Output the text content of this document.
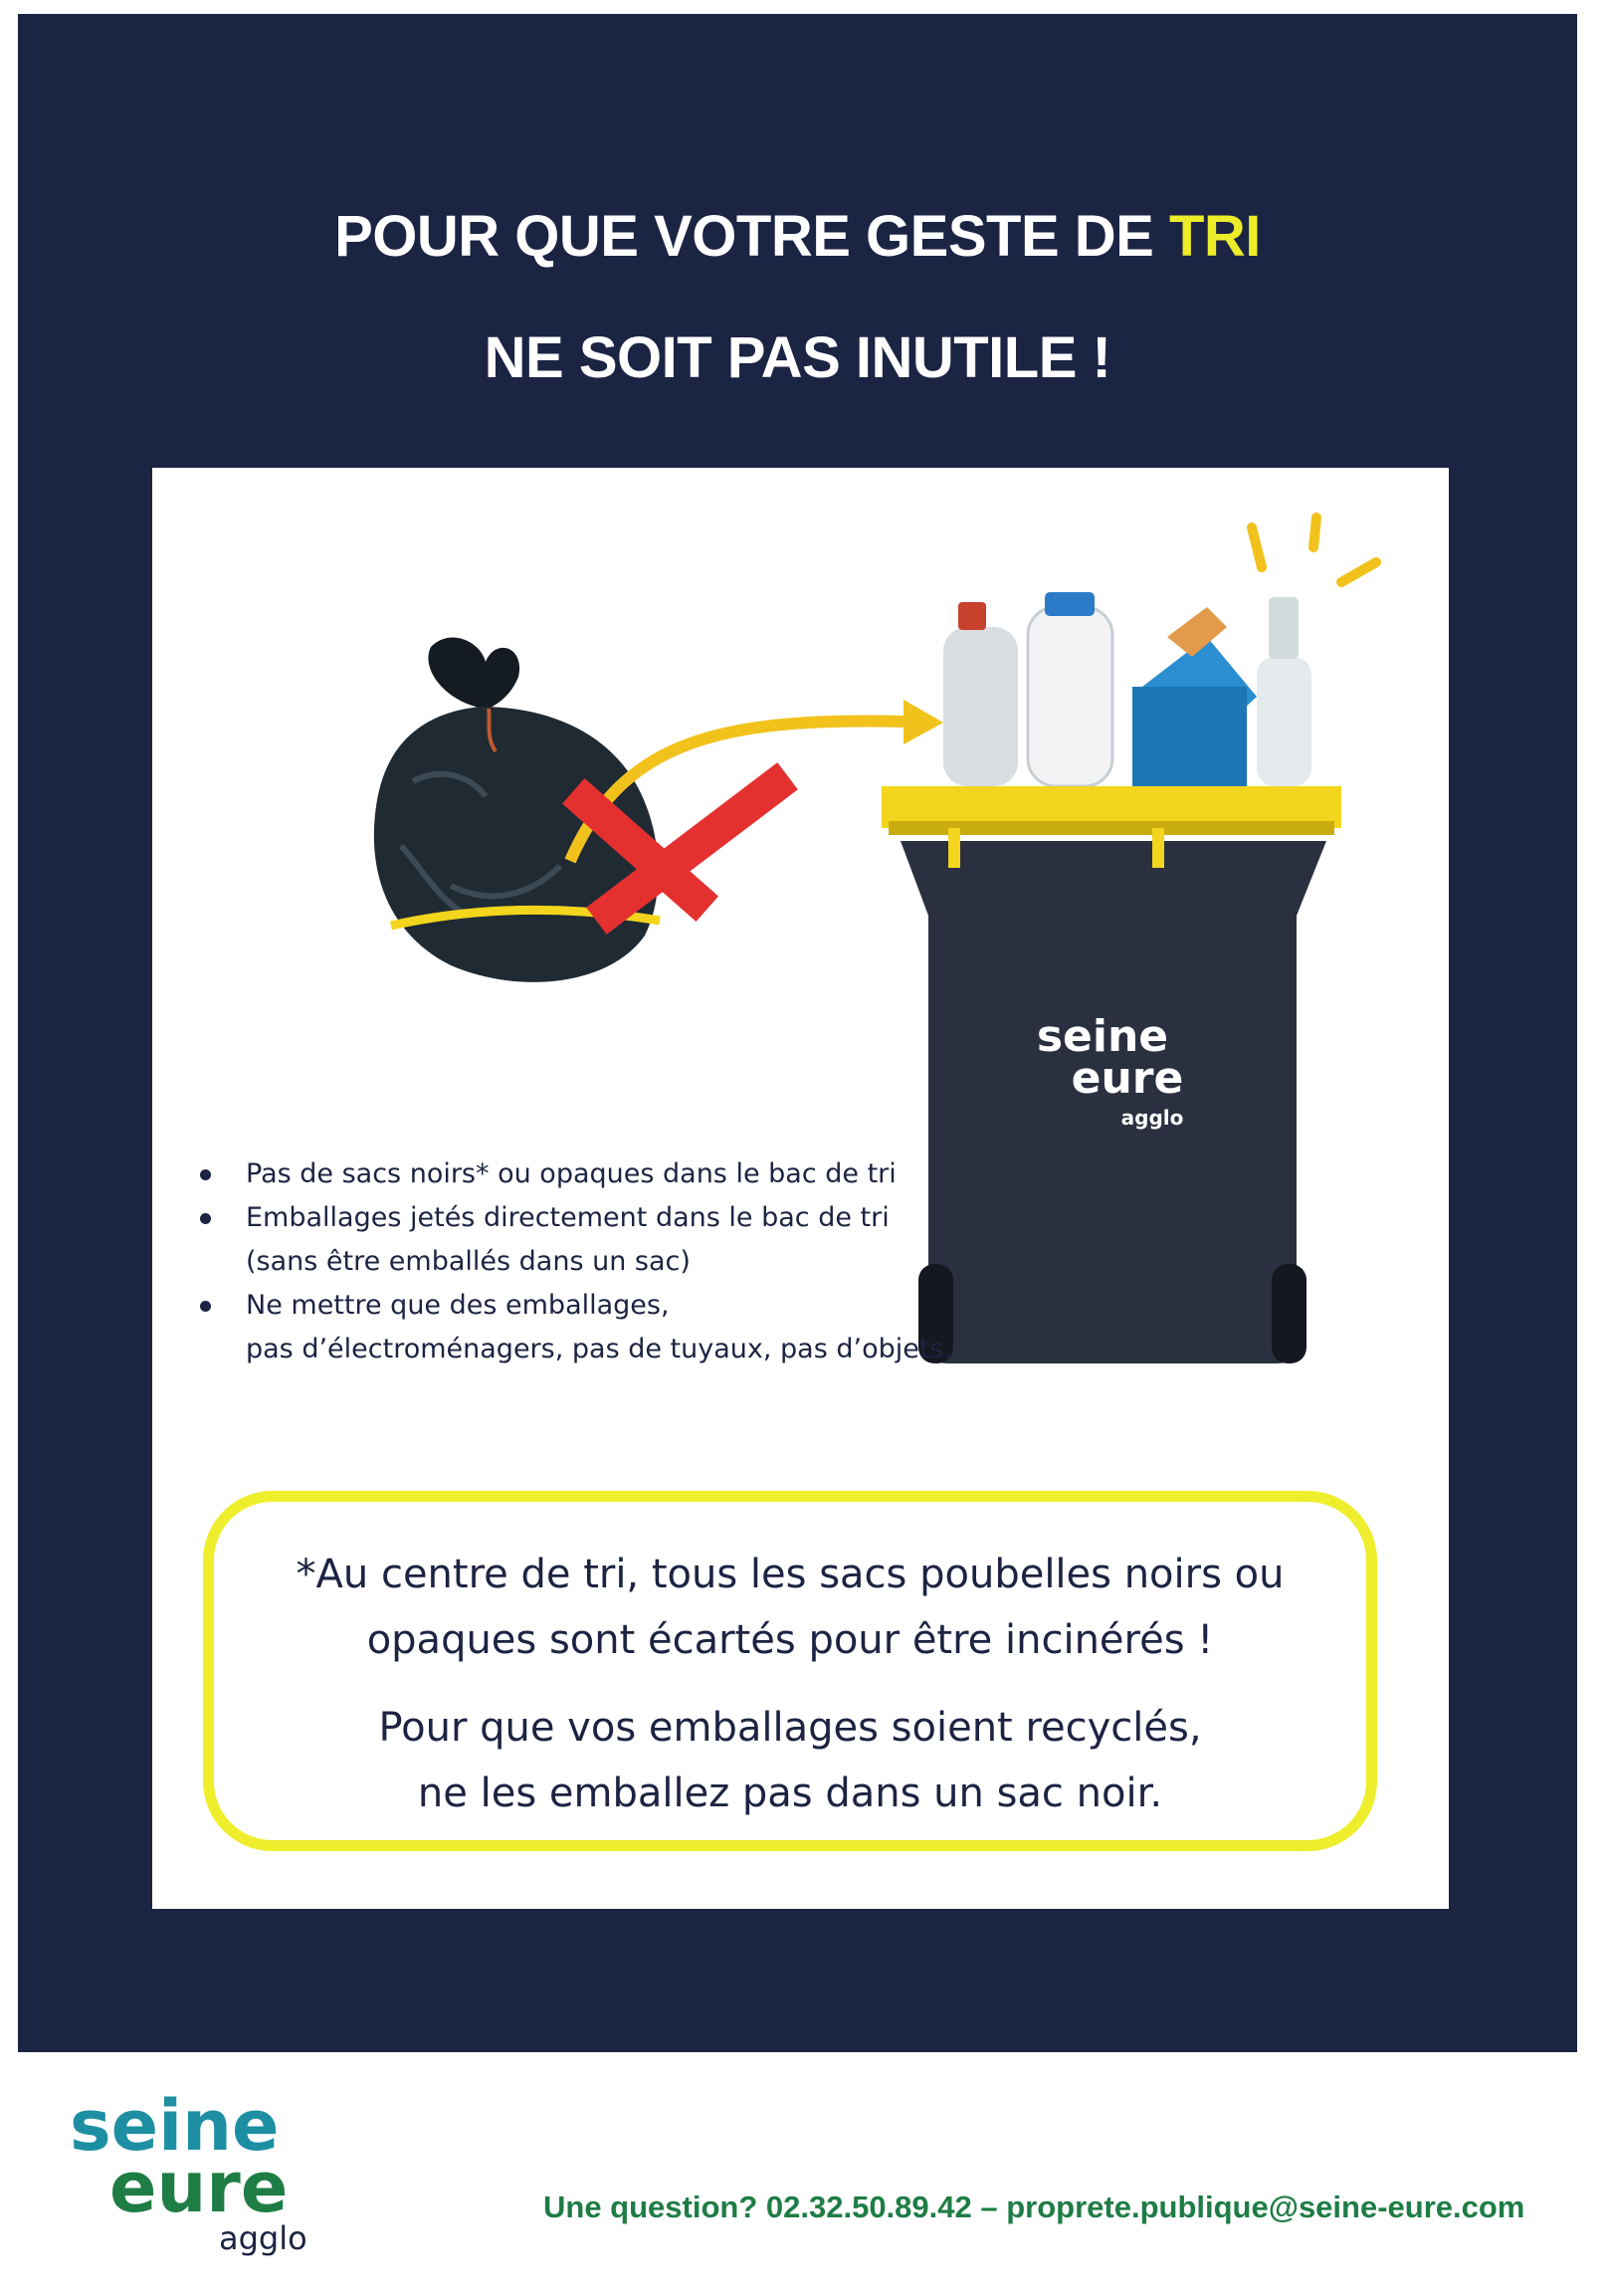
POUR QUE VOTRE GESTE DE TRI
NE SOIT PAS INUTILE !
seine
eure
agglo
Pas de sacs noirs* ou opaques dans le bac de tri
Emballages jetés directement dans le bac de tri
(sans être emballés dans un sac)
Ne mettre que des emballages,
pas d’électroménagers, pas de tuyaux, pas d’objets.
*Au centre de tri, tous les sacs poubelles noirs ou
opaques sont écartés pour être incinérés !
Pour que vos emballages soient recyclés,
ne les emballez pas dans un sac noir.
seine
eure
agglo
Une question? 02.32.50.89.42 – proprete.publique@seine-eure.com
